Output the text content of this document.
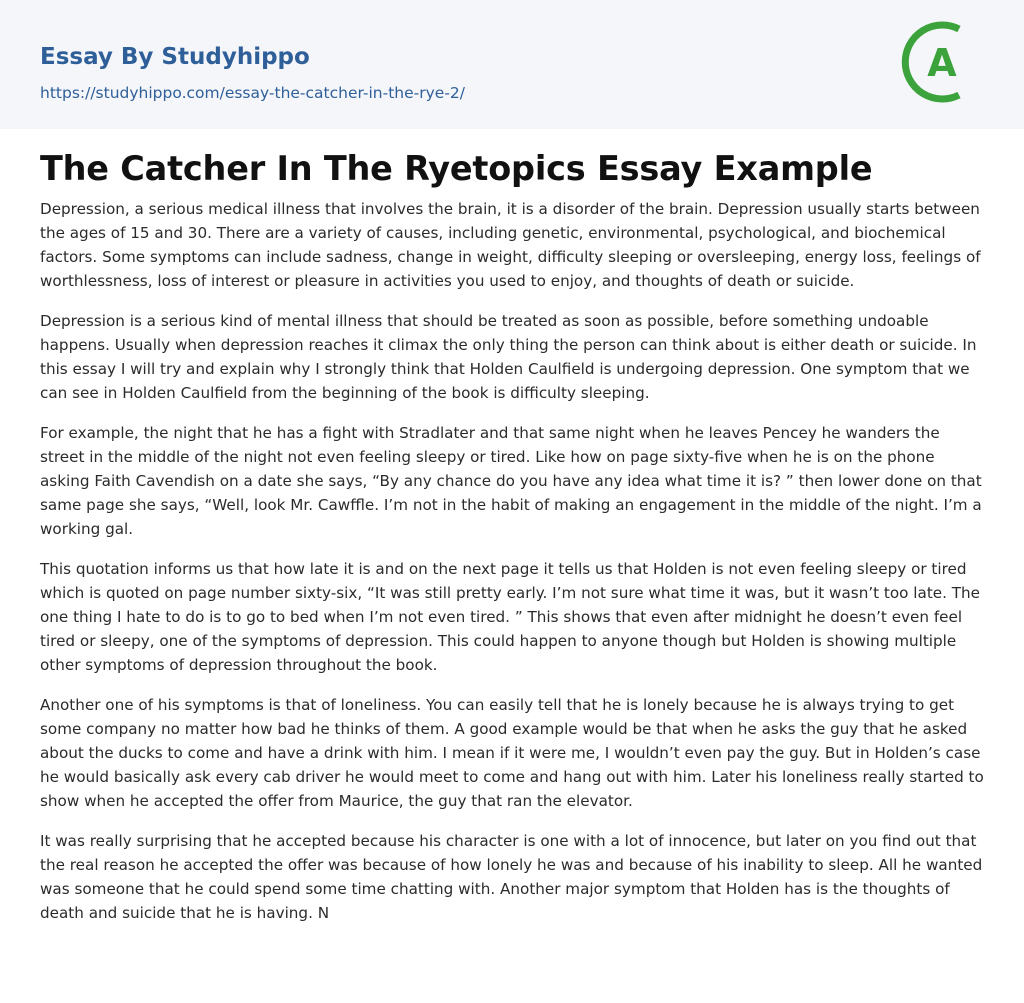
Essay By Studyhippo
https://studyhippo.com/essay-the-catcher-in-the-rye-2/
A
The Catcher In The Ryetopics Essay Example

Depression, a serious medical illness that involves the brain, it is a disorder of the brain. Depression usually starts between the ages of 15 and 30. There are a variety of causes, including genetic, environmental, psychological, and biochemical factors. Some symptoms can include sadness, change in weight, difficulty sleeping or oversleeping, energy loss, feelings of worthlessness, loss of interest or pleasure in activities you used to enjoy, and thoughts of death or suicide.

Depression is a serious kind of mental illness that should be treated as soon as possible, before something undoable happens. Usually when depression reaches it climax the only thing the person can think about is either death or suicide. In this essay I will try and explain why I strongly think that Holden Caulfield is undergoing depression. One symptom that we can see in Holden Caulfield from the beginning of the book is difficulty sleeping.

For example, the night that he has a fight with Stradlater and that same night when he leaves Pencey he wanders the street in the middle of the night not even feeling sleepy or tired. Like how on page sixty-five when he is on the phone asking Faith Cavendish on a date she says, “By any chance do you have any idea what time it is? ” then lower done on that same page she says, “Well, look Mr. Cawffle. I’m not in the habit of making an engagement in the middle of the night. I’m a working gal.

This quotation informs us that how late it is and on the next page it tells us that Holden is not even feeling sleepy or tired which is quoted on page number sixty-six, “It was still pretty early. I’m not sure what time it was, but it wasn’t too late. The one thing I hate to do is to go to bed when I’m not even tired. ” This shows that even after midnight he doesn’t even feel tired or sleepy, one of the symptoms of depression. This could happen to anyone though but Holden is showing multiple other symptoms of depression throughout the book.

Another one of his symptoms is that of loneliness. You can easily tell that he is lonely because he is always trying to get some company no matter how bad he thinks of them. A good example would be that when he asks the guy that he asked about the ducks to come and have a drink with him. I mean if it were me, I wouldn’t even pay the guy. But in Holden’s case he would basically ask every cab driver he would meet to come and hang out with him. Later his loneliness really started to show when he accepted the offer from Maurice, the guy that ran the elevator.

It was really surprising that he accepted because his character is one with a lot of innocence, but later on you find out that the real reason he accepted the offer was because of how lonely he was and because of his inability to sleep. All he wanted was someone that he could spend some time chatting with. Another major symptom that Holden has is the thoughts of death and suicide that he is having. N
